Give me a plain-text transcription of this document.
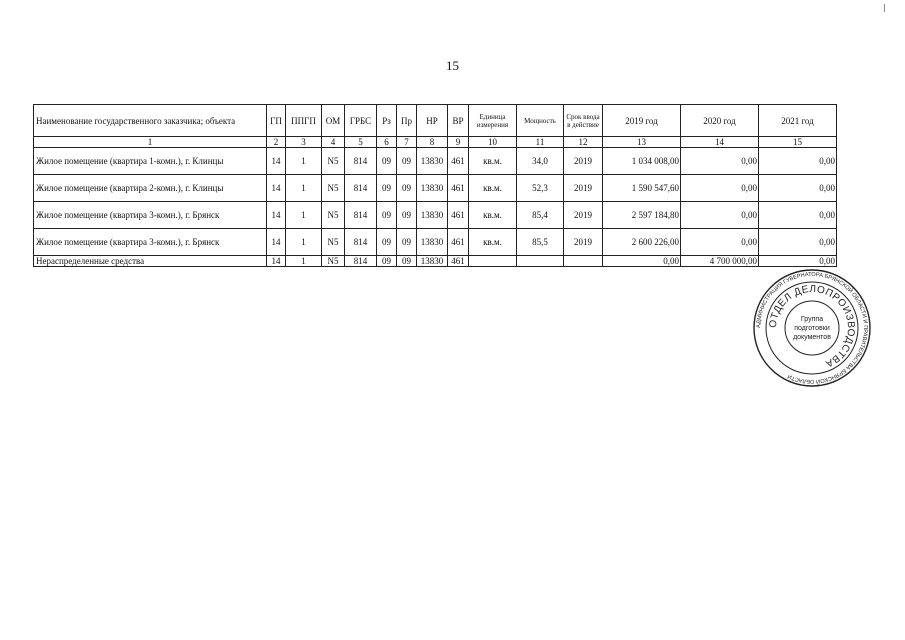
15
Наименование государственного заказчика; объекта	ГП	ППГП	ОМ	ГРБС	Рз	Пр	НР	ВР	Единица измерения	Мощность	Срок ввода в действие	2019 год	2020 год	2021 год
1	2	3	4	5	6	7	8	9	10	11	12	13	14	15
Жилое помещение (квартира 1-комн.), г. Клинцы	14	1	N5	814	09	09	13830	461	кв.м.	34,0	2019	1 034 008,00	0,00	0,00
Жилое помещение (квартира 2-комн.), г. Клинцы	14	1	N5	814	09	09	13830	461	кв.м.	52,3	2019	1 590 547,60	0,00	0,00
Жилое помещение (квартира 3-комн.), г. Брянск	14	1	N5	814	09	09	13830	461	кв.м.	85,4	2019	2 597 184,80	0,00	0,00
Жилое помещение (квартира 3-комн.), г. Брянск	14	1	N5	814	09	09	13830	461	кв.м.	85,5	2019	2 600 226,00	0,00	0,00
Нераспределенные средства	14	1	N5	814	09	09	13830	461				0,00	4 700 000,00	0,00
АДМИНИСТРАЦИЯ ГУБЕРНАТОРА БРЯНСКОЙ ОБЛАСТИ И ПРАВИТЕЛЬСТВА БРЯНСКОЙ ОБЛАСТИ
ОТДЕЛ ДЕЛОПРОИЗВОДСТВА
Группа
подготовки
документов
